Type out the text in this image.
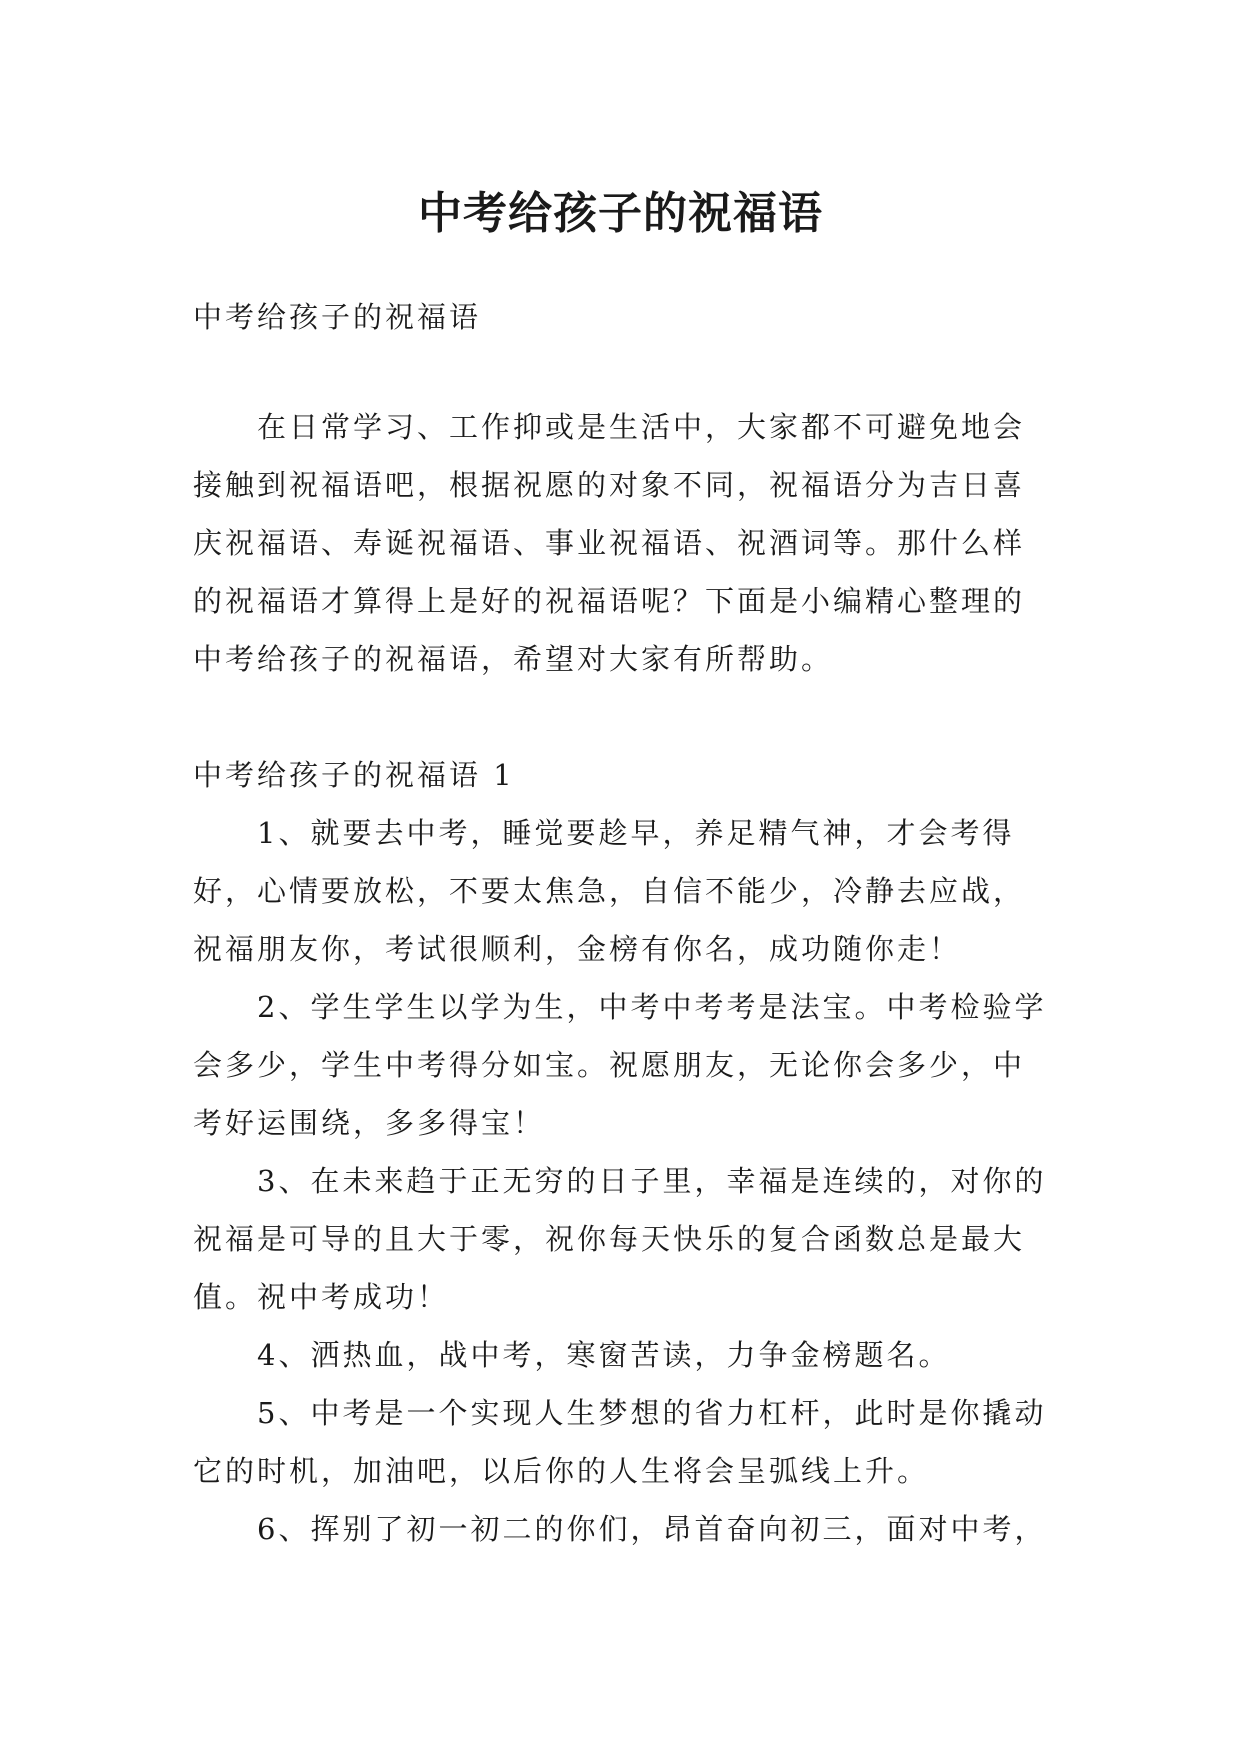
中考给孩子的祝福语

中考给孩子的祝福语

在日常学习、工作抑或是生活中，大家都不可避免地会接触到祝福语吧，根据祝愿的对象不同，祝福语分为吉日喜庆祝福语、寿诞祝福语、事业祝福语、祝酒词等。那什么样的祝福语才算得上是好的祝福语呢？下面是小编精心整理的中考给孩子的祝福语，希望对大家有所帮助。

中考给孩子的祝福语 1

1、就要去中考，睡觉要趁早，养足精气神，才会考得好，心情要放松，不要太焦急，自信不能少，冷静去应战，祝福朋友你，考试很顺利，金榜有你名，成功随你走！

2、学生学生以学为生，中考中考考是法宝。中考检验学会多少，学生中考得分如宝。祝愿朋友，无论你会多少，中考好运围绕，多多得宝！

3、在未来趋于正无穷的日子里，幸福是连续的，对你的祝福是可导的且大于零，祝你每天快乐的复合函数总是最大值。祝中考成功！

4、洒热血，战中考，寒窗苦读，力争金榜题名。

5、中考是一个实现人生梦想的省力杠杆，此时是你撬动它的时机，加油吧，以后你的人生将会呈弧线上升。

6、挥别了初一初二的你们，昂首奋向初三，面对中考，
